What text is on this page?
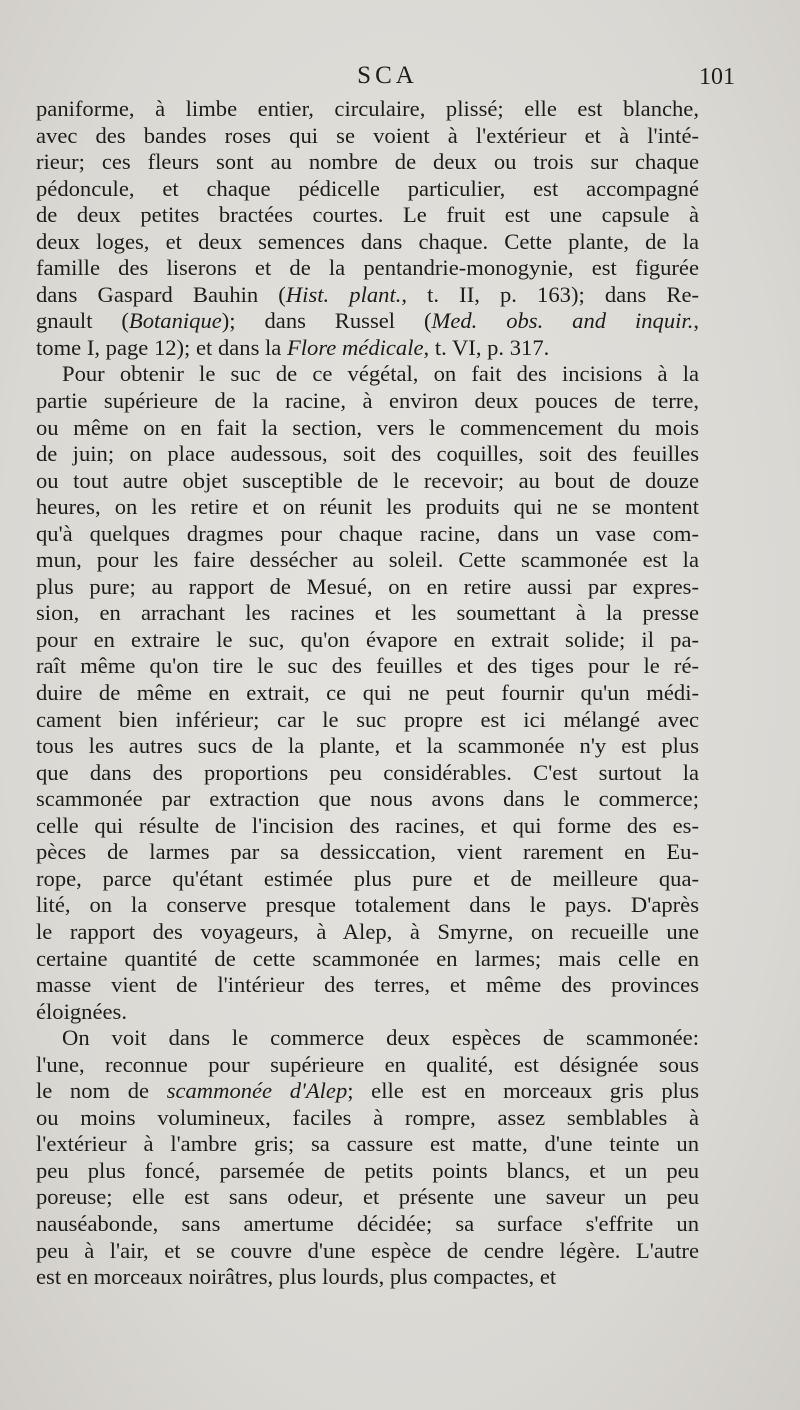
SCA	101
paniforme, à limbe entier, circulaire, plissé; elle est blanche,
avec des bandes roses qui se voient à l'extérieur et à l'inté-
rieur; ces fleurs sont au nombre de deux ou trois sur chaque
pédoncule, et chaque pédicelle particulier, est accompagné
de deux petites bractées courtes. Le fruit est une capsule à
deux loges, et deux semences dans chaque. Cette plante, de la
famille des liserons et de la pentandrie-monogynie, est figurée
dans Gaspard Bauhin (Hist. plant., t. II, p. 163); dans Re-
gnault (Botanique); dans Russel (Med. obs. and inquir.,
tome I, page 12); et dans la Flore médicale, t. VI, p. 317.
Pour obtenir le suc de ce végétal, on fait des incisions à la
partie supérieure de la racine, à environ deux pouces de terre,
ou même on en fait la section, vers le commencement du mois
de juin; on place audessous, soit des coquilles, soit des feuilles
ou tout autre objet susceptible de le recevoir; au bout de douze
heures, on les retire et on réunit les produits qui ne se montent
qu'à quelques dragmes pour chaque racine, dans un vase com-
mun, pour les faire dessécher au soleil. Cette scammonée est la
plus pure; au rapport de Mesué, on en retire aussi par expres-
sion, en arrachant les racines et les soumettant à la presse
pour en extraire le suc, qu'on évapore en extrait solide; il pa-
raît même qu'on tire le suc des feuilles et des tiges pour le ré-
duire de même en extrait, ce qui ne peut fournir qu'un médi-
cament bien inférieur; car le suc propre est ici mélangé avec
tous les autres sucs de la plante, et la scammonée n'y est plus
que dans des proportions peu considérables. C'est surtout la
scammonée par extraction que nous avons dans le commerce;
celle qui résulte de l'incision des racines, et qui forme des es-
pèces de larmes par sa dessiccation, vient rarement en Eu-
rope, parce qu'étant estimée plus pure et de meilleure qua-
lité, on la conserve presque totalement dans le pays. D'après
le rapport des voyageurs, à Alep, à Smyrne, on recueille une
certaine quantité de cette scammonée en larmes; mais celle en
masse vient de l'intérieur des terres, et même des provinces
éloignées.
On voit dans le commerce deux espèces de scammonée:
l'une, reconnue pour supérieure en qualité, est désignée sous
le nom de scammonée d'Alep; elle est en morceaux gris plus
ou moins volumineux, faciles à rompre, assez semblables à
l'extérieur à l'ambre gris; sa cassure est matte, d'une teinte un
peu plus foncé, parsemée de petits points blancs, et un peu
poreuse; elle est sans odeur, et présente une saveur un peu
nauséabonde, sans amertume décidée; sa surface s'effrite un
peu à l'air, et se couvre d'une espèce de cendre légère. L'autre
est en morceaux noirâtres, plus lourds, plus compactes, et
